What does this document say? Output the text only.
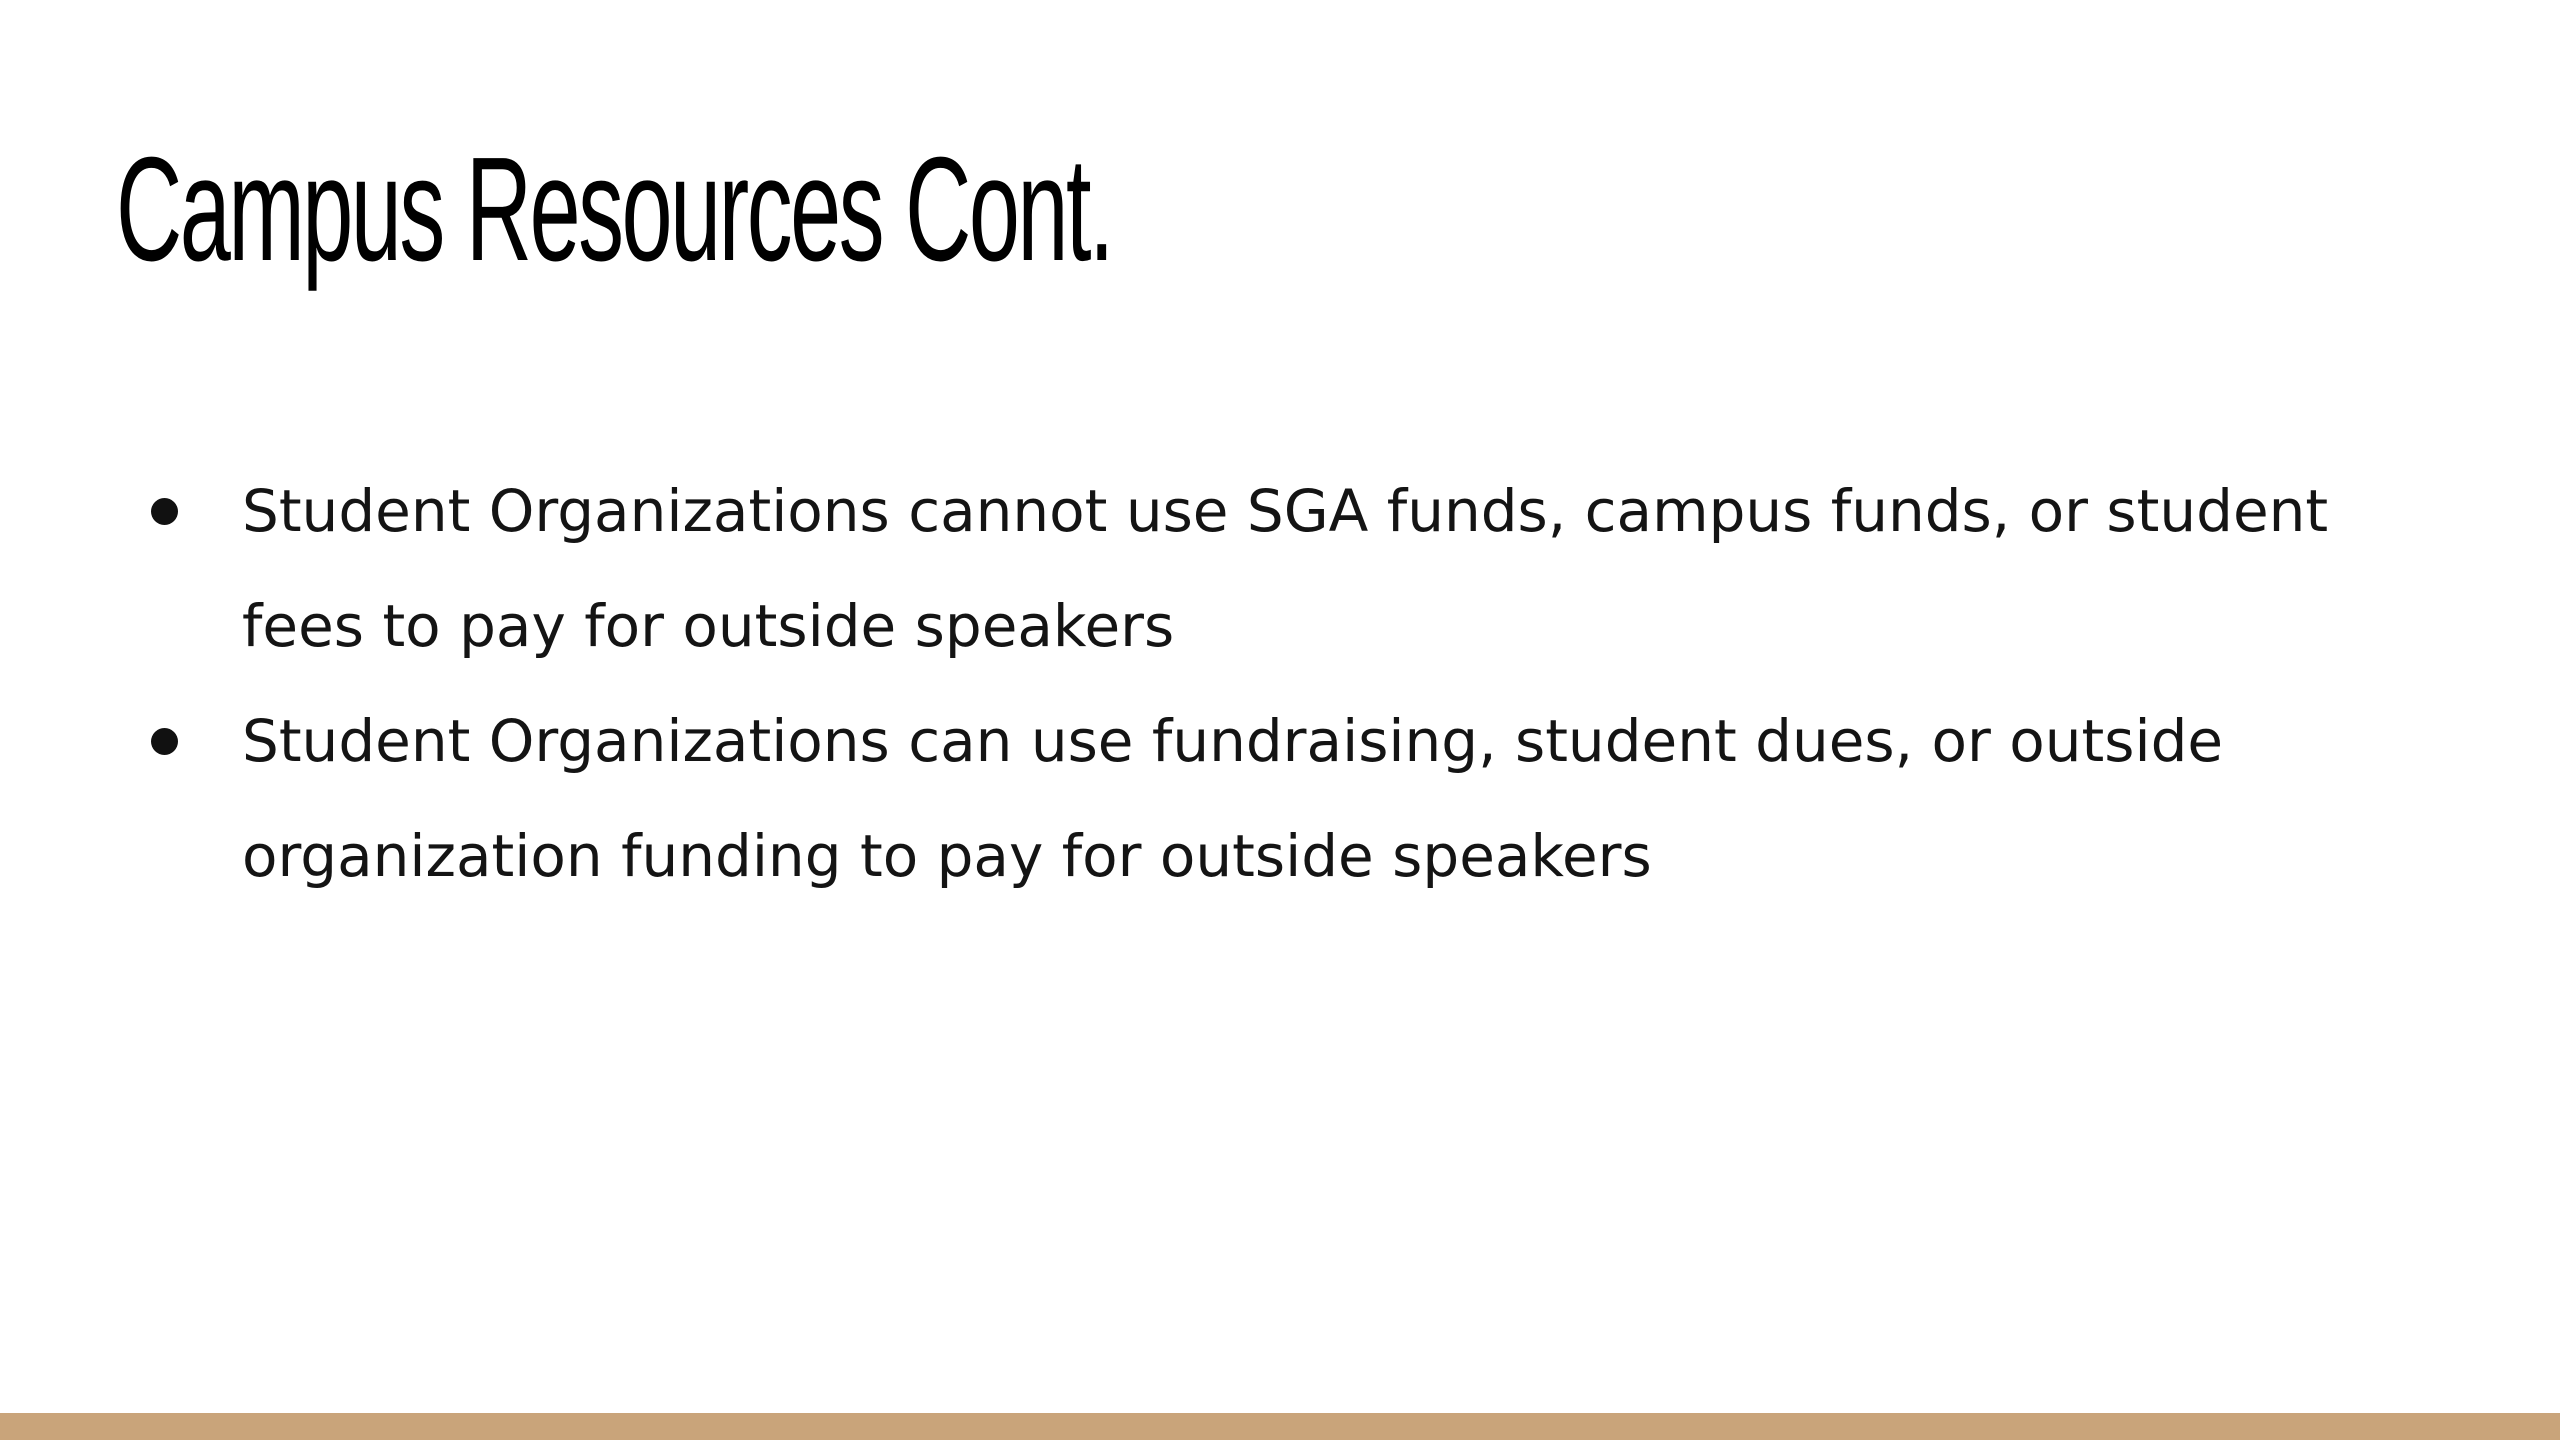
Campus Resources Cont.
Student Organizations cannot use SGA funds, campus funds, or student fees to pay for outside speakers
Student Organizations can use fundraising, student dues, or outside organization funding to pay for outside speakers
